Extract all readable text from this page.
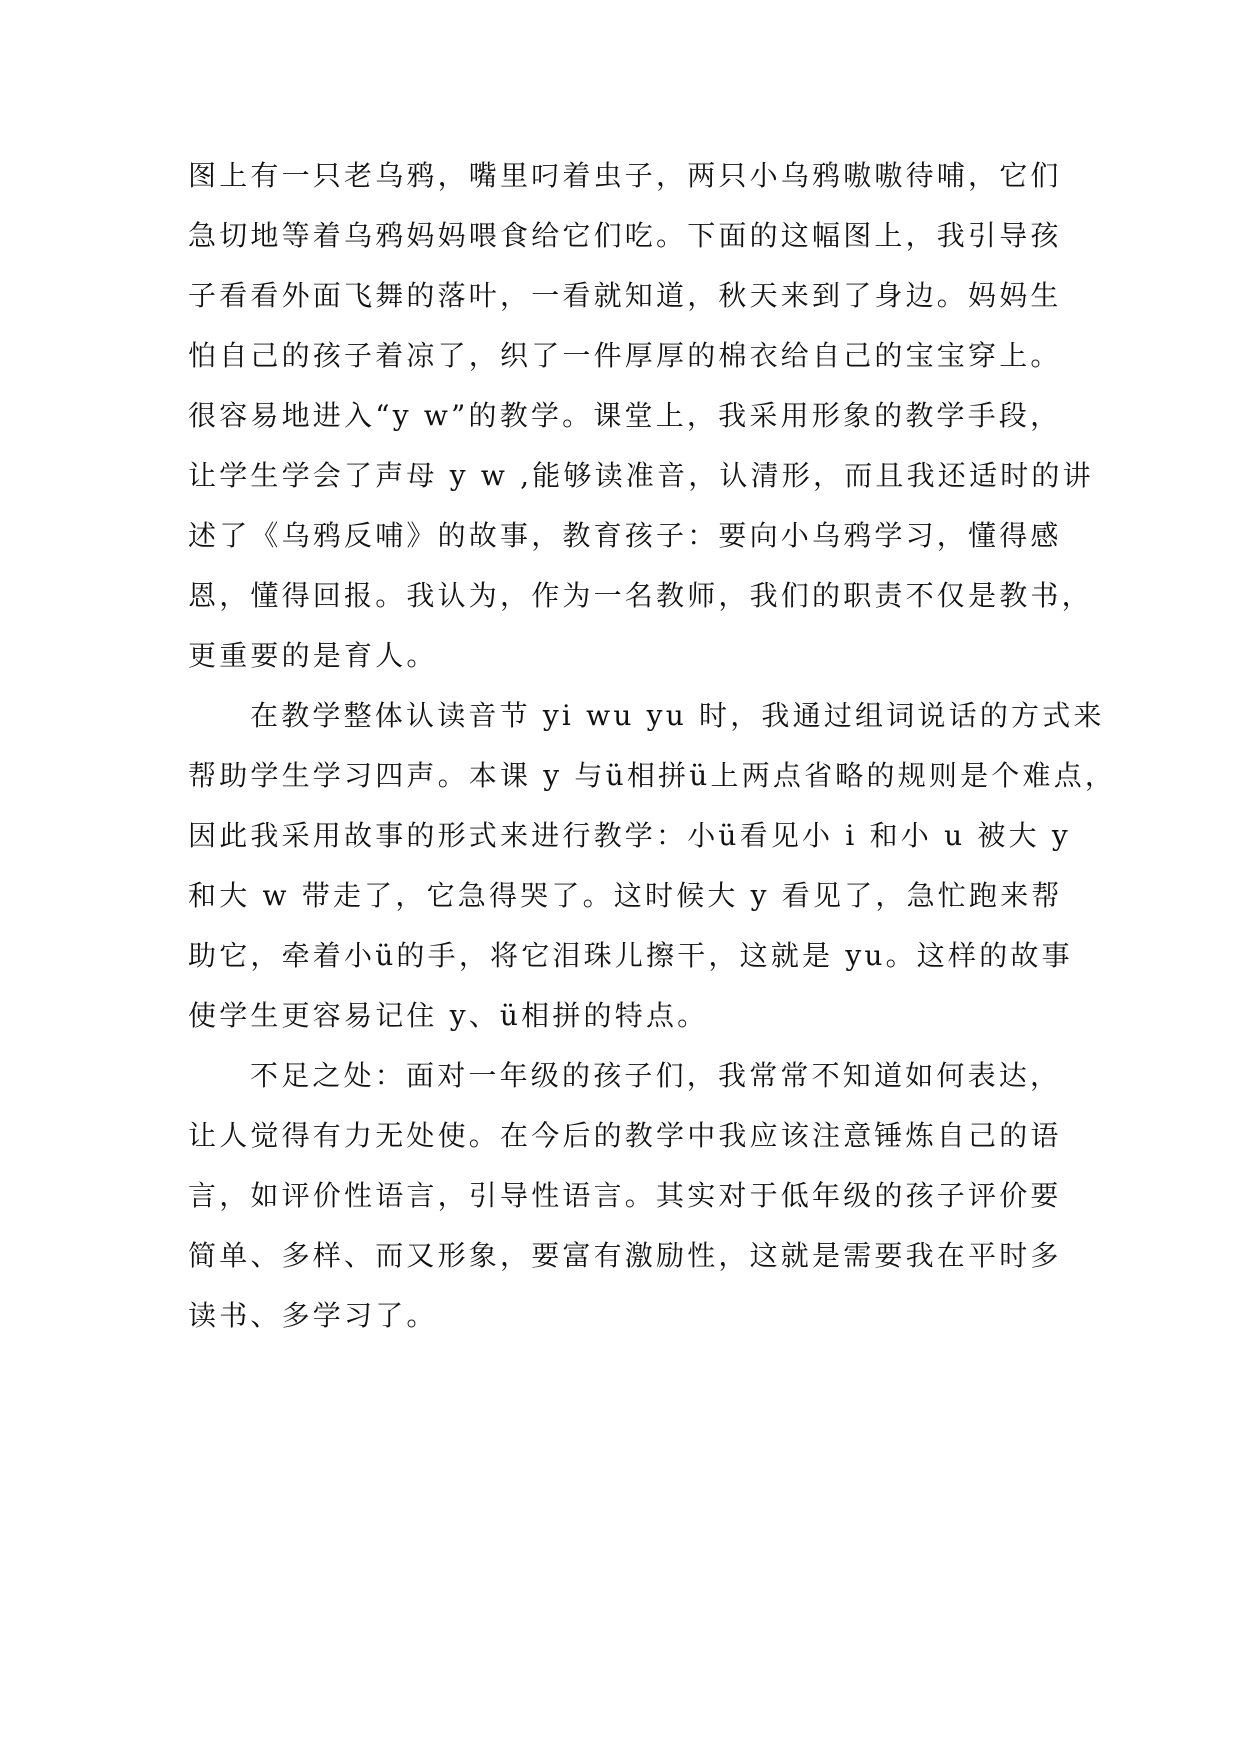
图上有一只老乌鸦，嘴里叼着虫子，两只小乌鸦嗷嗷待哺，它们
急切地等着乌鸦妈妈喂食给它们吃。下面的这幅图上，我引导孩
子看看外面飞舞的落叶，一看就知道，秋天来到了身边。妈妈生
怕自己的孩子着凉了，织了一件厚厚的棉衣给自己的宝宝穿上。
很容易地进入“y w”的教学。课堂上，我采用形象的教学手段，
让学生学会了声母 y w ,能够读准音，认清形，而且我还适时的讲
述了《乌鸦反哺》的故事，教育孩子：要向小乌鸦学习，懂得感
恩，懂得回报。我认为，作为一名教师，我们的职责不仅是教书，
更重要的是育人。
在教学整体认读音节 yi wu yu 时，我通过组词说话的方式来
帮助学生学习四声。本课 y 与ü相拼ü上两点省略的规则是个难点，
因此我采用故事的形式来进行教学：小ü看见小 i 和小 u 被大 y
和大 w 带走了，它急得哭了。这时候大 y 看见了，急忙跑来帮
助它，牵着小ü的手，将它泪珠儿擦干，这就是 yu。这样的故事
使学生更容易记住 y、ü相拼的特点。
不足之处：面对一年级的孩子们，我常常不知道如何表达，
让人觉得有力无处使。在今后的教学中我应该注意锤炼自己的语
言，如评价性语言，引导性语言。其实对于低年级的孩子评价要
简单、多样、而又形象，要富有激励性，这就是需要我在平时多
读书、多学习了。
